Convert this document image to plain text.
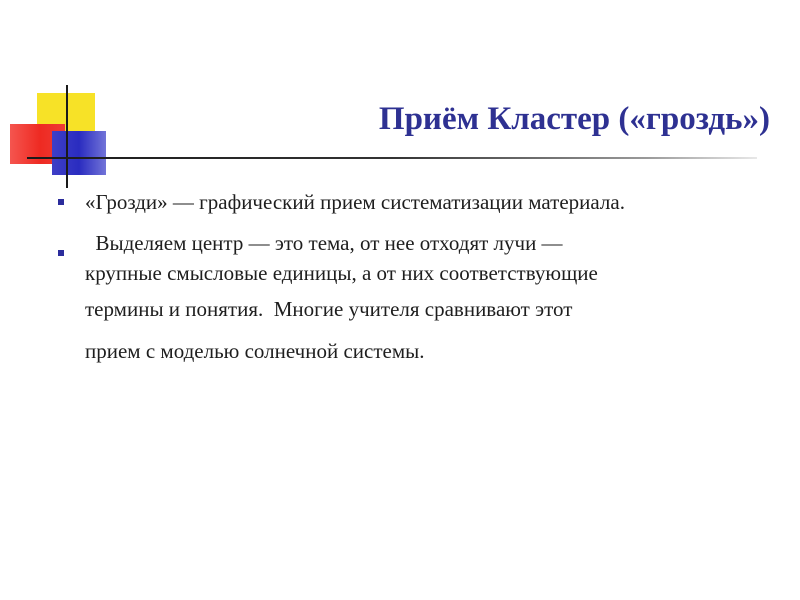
Приём Кластер («гроздь»)
«Грозди» — графический прием систематизации материала.
Выделяем центр — это тема, от нее отходят лучи —
крупные смысловые единицы, а от них соответствующие
термины и понятия.  Многие учителя сравнивают этот
прием с моделью солнечной системы.
